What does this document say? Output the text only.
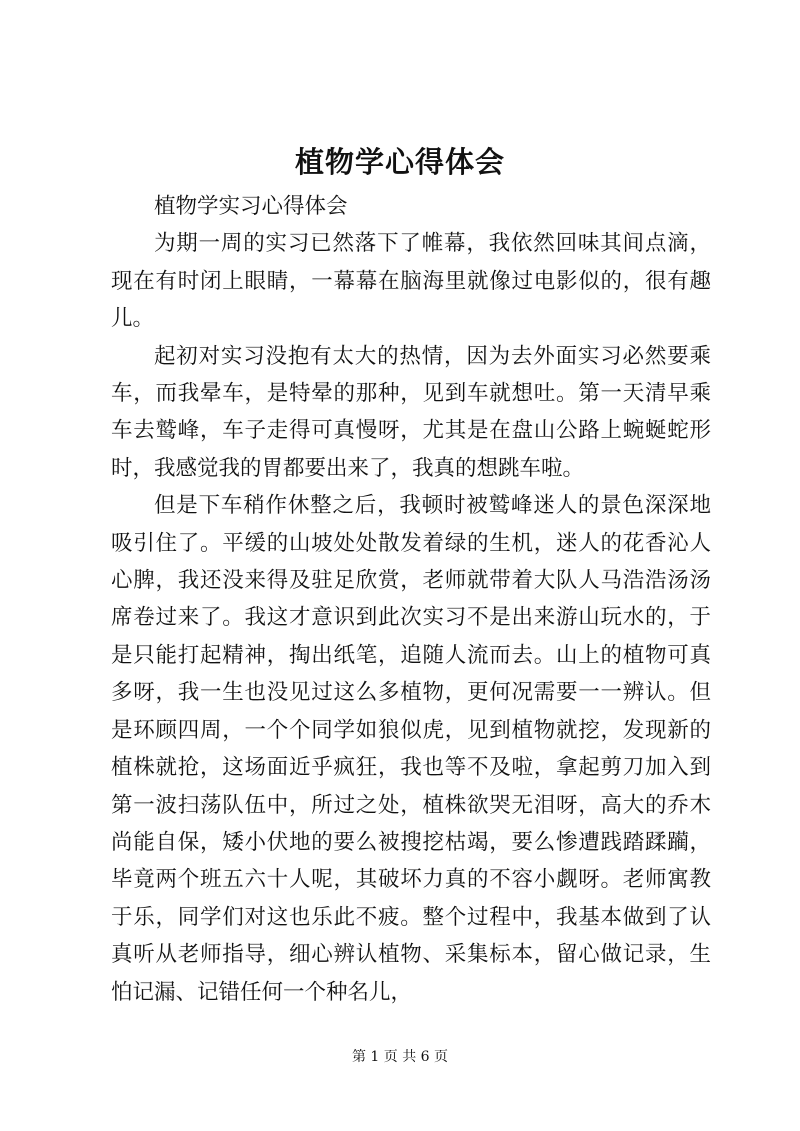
植物学心得体会

植物学实习心得体会

为期一周的实习已然落下了帷幕，我依然回味其间点滴，现在有时闭上眼睛，一幕幕在脑海里就像过电影似的，很有趣儿。

起初对实习没抱有太大的热情，因为去外面实习必然要乘车，而我晕车，是特晕的那种，见到车就想吐。第一天清早乘车去鹫峰，车子走得可真慢呀，尤其是在盘山公路上蜿蜒蛇形时，我感觉我的胃都要出来了，我真的想跳车啦。

但是下车稍作休整之后，我顿时被鹫峰迷人的景色深深地吸引住了。平缓的山坡处处散发着绿的生机，迷人的花香沁人心脾，我还没来得及驻足欣赏，老师就带着大队人马浩浩汤汤席卷过来了。我这才意识到此次实习不是出来游山玩水的，于是只能打起精神，掏出纸笔，追随人流而去。山上的植物可真多呀，我一生也没见过这么多植物，更何况需要一一辨认。但是环顾四周，一个个同学如狼似虎，见到植物就挖，发现新的植株就抢，这场面近乎疯狂，我也等不及啦，拿起剪刀加入到第一波扫荡队伍中，所过之处，植株欲哭无泪呀，高大的乔木尚能自保，矮小伏地的要么被搜挖枯竭，要么惨遭践踏蹂躏，毕竟两个班五六十人呢，其破坏力真的不容小觑呀。老师寓教于乐，同学们对这也乐此不疲。整个过程中，我基本做到了认真听从老师指导，细心辨认植物、采集标本，留心做记录，生怕记漏、记错任何一个种名儿，

第 1 页 共 6 页
